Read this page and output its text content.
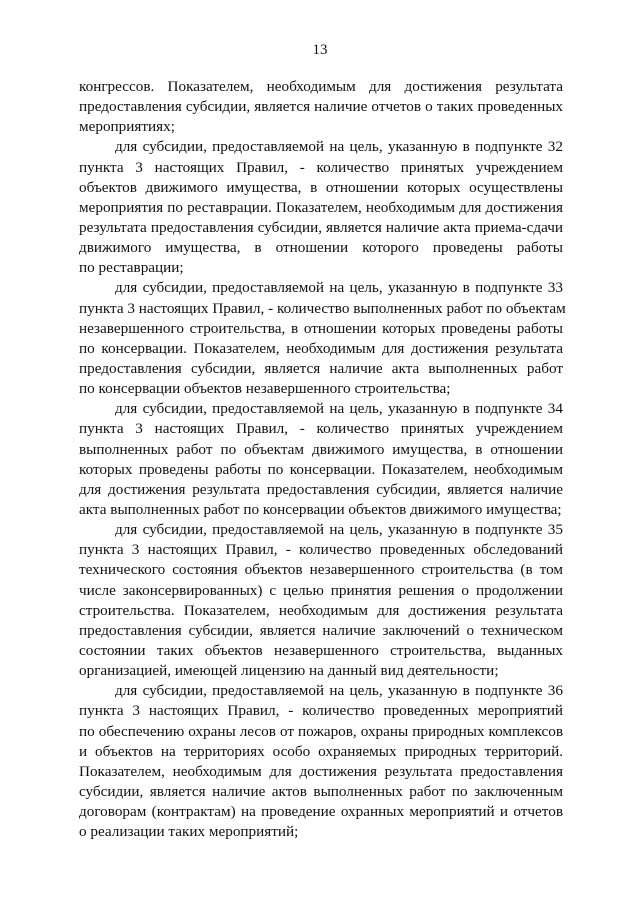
13
конгрессов. Показателем, необходимым для достижения результата
предоставления субсидии, является наличие отчетов о таких проведенных
мероприятиях;
для субсидии, предоставляемой на цель, указанную в подпункте 32
пункта 3 настоящих Правил, - количество принятых учреждением
объектов движимого имущества, в отношении которых осуществлены
мероприятия по реставрации. Показателем, необходимым для достижения
результата предоставления субсидии, является наличие акта приема-сдачи
движимого имущества, в отношении которого проведены работы
по реставрации;
для субсидии, предоставляемой на цель, указанную в подпункте 33
пункта 3 настоящих Правил, - количество выполненных работ по объектам
незавершенного строительства, в отношении которых проведены работы
по консервации. Показателем, необходимым для достижения результата
предоставления субсидии, является наличие акта выполненных работ
по консервации объектов незавершенного строительства;
для субсидии, предоставляемой на цель, указанную в подпункте 34
пункта 3 настоящих Правил, - количество принятых учреждением
выполненных работ по объектам движимого имущества, в отношении
которых проведены работы по консервации. Показателем, необходимым
для достижения результата предоставления субсидии, является наличие
акта выполненных работ по консервации объектов движимого имущества;
для субсидии, предоставляемой на цель, указанную в подпункте 35
пункта 3 настоящих Правил, - количество проведенных обследований
технического состояния объектов незавершенного строительства (в том
числе законсервированных) с целью принятия решения о продолжении
строительства. Показателем, необходимым для достижения результата
предоставления субсидии, является наличие заключений о техническом
состоянии таких объектов незавершенного строительства, выданных
организацией, имеющей лицензию на данный вид деятельности;
для субсидии, предоставляемой на цель, указанную в подпункте 36
пункта 3 настоящих Правил, - количество проведенных мероприятий
по обеспечению охраны лесов от пожаров, охраны природных комплексов
и объектов на территориях особо охраняемых природных территорий.
Показателем, необходимым для достижения результата предоставления
субсидии, является наличие актов выполненных работ по заключенным
договорам (контрактам) на проведение охранных мероприятий и отчетов
о реализации таких мероприятий;
